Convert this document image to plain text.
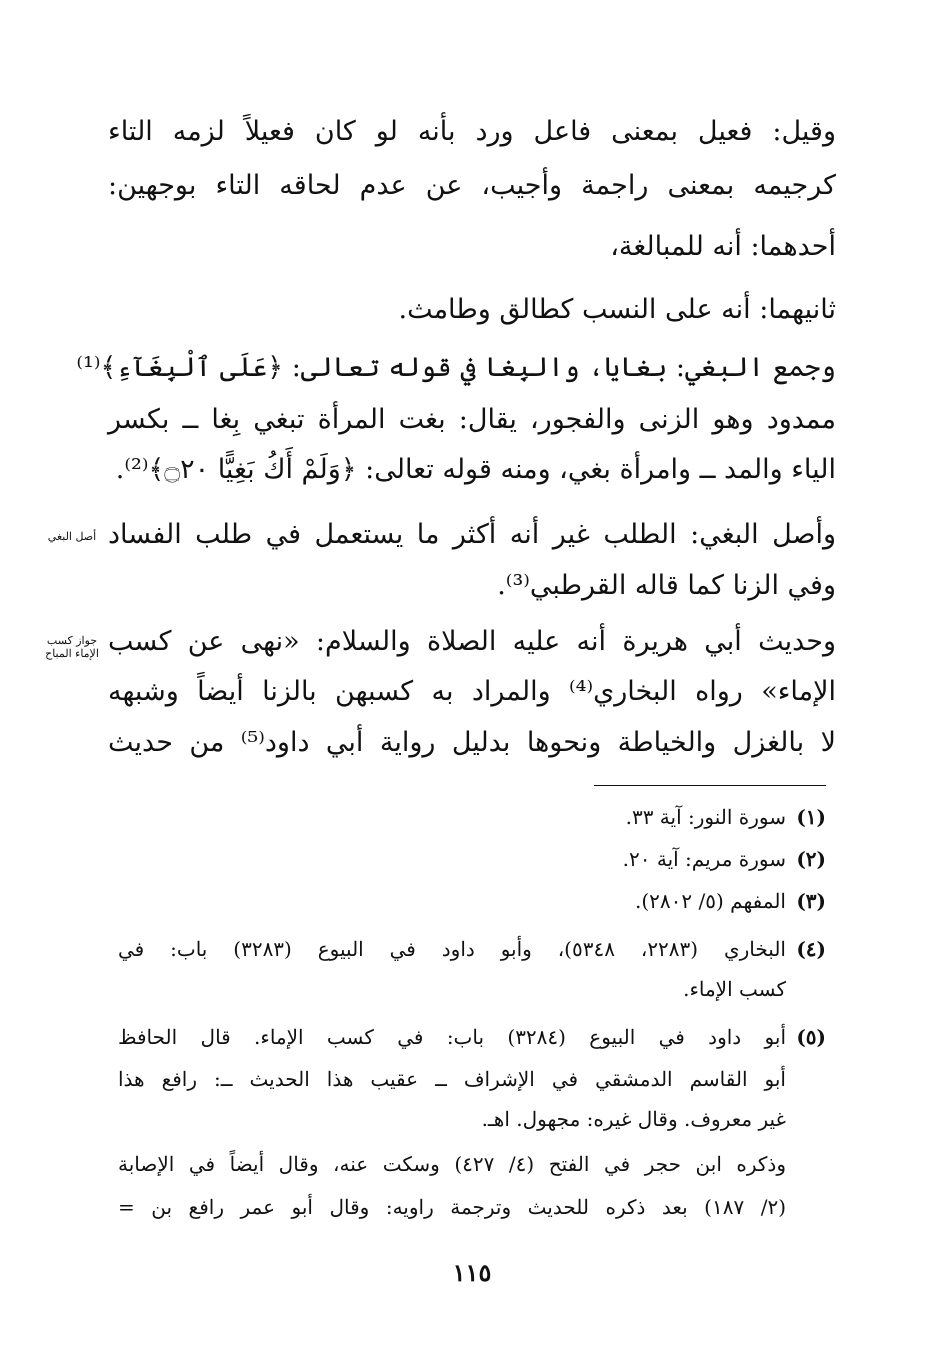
وقيل: فعيل بمعنى فاعل ورد بأنه لو كان فعيلاً لزمه التاء
كرجيمه بمعنى راجمة وأجيب، عن عدم لحاقه التاء بوجهين:
أحدهما: أنه للمبالغة،
ثانيهما: أنه على النسب كطالق وطامث.
وجمع البغي: بغايا، والبِغا في قوله تعالى: ﴿عَلَى ٱلْبِغَآءِ﴾⁽¹⁾
ممدود وهو الزنى والفجور، يقال: بغت المرأة تبغي بِغا ــ بكسر
الياء والمد ــ وامرأة بغي، ومنه قوله تعالى: ﴿وَلَمْ أَكُ بَغِيًّا ۝٢٠﴾⁽²⁾.
وأصل البغي: الطلب غير أنه أكثر ما يستعمل في طلب الفساد
وفي الزنا كما قاله القرطبي⁽³⁾.
وحديث أبي هريرة أنه عليه الصلاة والسلام: «نهى عن كسب
الإماء» رواه البخاري⁽⁴⁾ والمراد به كسبهن بالزنا أيضاً وشبهه
لا بالغزل والخياطة ونحوها بدليل رواية أبي داود⁽⁵⁾ من حديث
أصل البغي
جواز كسب الإماء المباح
(١)سورة النور: آية ٣٣.
(٢)سورة مريم: آية ٢٠.
(٣)المفهم (٥/ ٢٨٠٢).
(٤)البخاري (٢٢٨٣، ٥٣٤٨)، وأبو داود في البيوع (٣٢٨٣) باب: في
كسب الإماء.
(٥)أبو داود في البيوع (٣٢٨٤) باب: في كسب الإماء. قال الحافظ
أبو القاسم الدمشقي في الإشراف ــ عقيب هذا الحديث ــ: رافع هذا
غير معروف. وقال غيره: مجهول. اهـ.
وذكره ابن حجر في الفتح (٤/ ٤٢٧) وسكت عنه، وقال أيضاً في الإصابة
(٢/ ١٨٧) بعد ذكره للحديث وترجمة راويه: وقال أبو عمر رافع بن =
١١٥
